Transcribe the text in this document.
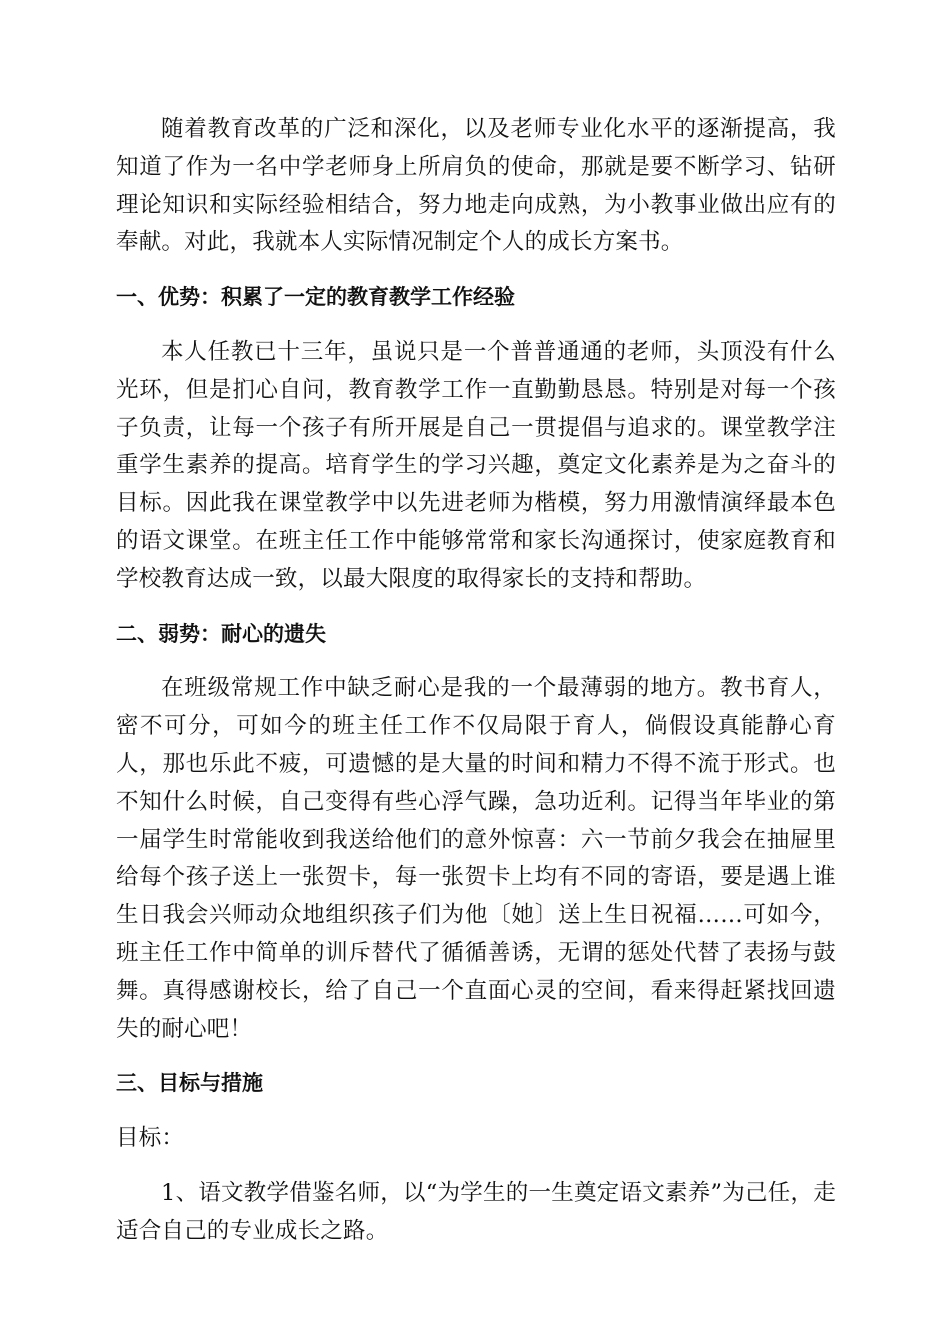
随着教育改革的广泛和深化，以及老师专业化水平的逐渐提高，我知道了作为一名中学老师身上所肩负的使命，那就是要不断学习、钻研理论知识和实际经验相结合，努力地走向成熟，为小教事业做出应有的奉献。对此，我就本人实际情况制定个人的成长方案书。

一、优势：积累了一定的教育教学工作经验

本人任教已十三年，虽说只是一个普普通通的老师，头顶没有什么光环，但是扪心自问，教育教学工作一直勤勤恳恳。特别是对每一个孩子负责，让每一个孩子有所开展是自己一贯提倡与追求的。课堂教学注重学生素养的提高。培育学生的学习兴趣，奠定文化素养是为之奋斗的目标。因此我在课堂教学中以先进老师为楷模，努力用激情演绎最本色的语文课堂。在班主任工作中能够常常和家长沟通探讨，使家庭教育和学校教育达成一致，以最大限度的取得家长的支持和帮助。

二、弱势：耐心的遗失

在班级常规工作中缺乏耐心是我的一个最薄弱的地方。教书育人，密不可分，可如今的班主任工作不仅局限于育人，倘假设真能静心育人，那也乐此不疲，可遗憾的是大量的时间和精力不得不流于形式。也不知什么时候，自己变得有些心浮气躁，急功近利。记得当年毕业的第一届学生时常能收到我送给他们的意外惊喜：六一节前夕我会在抽屉里给每个孩子送上一张贺卡，每一张贺卡上均有不同的寄语，要是遇上谁生日我会兴师动众地组织孩子们为他〔她〕送上生日祝福……可如今，班主任工作中简单的训斥替代了循循善诱，无谓的惩处代替了表扬与鼓舞。真得感谢校长，给了自己一个直面心灵的空间，看来得赶紧找回遗失的耐心吧！

三、目标与措施

目标：

1、语文教学借鉴名师，以“为学生的一生奠定语文素养”为己任，走适合自己的专业成长之路。
